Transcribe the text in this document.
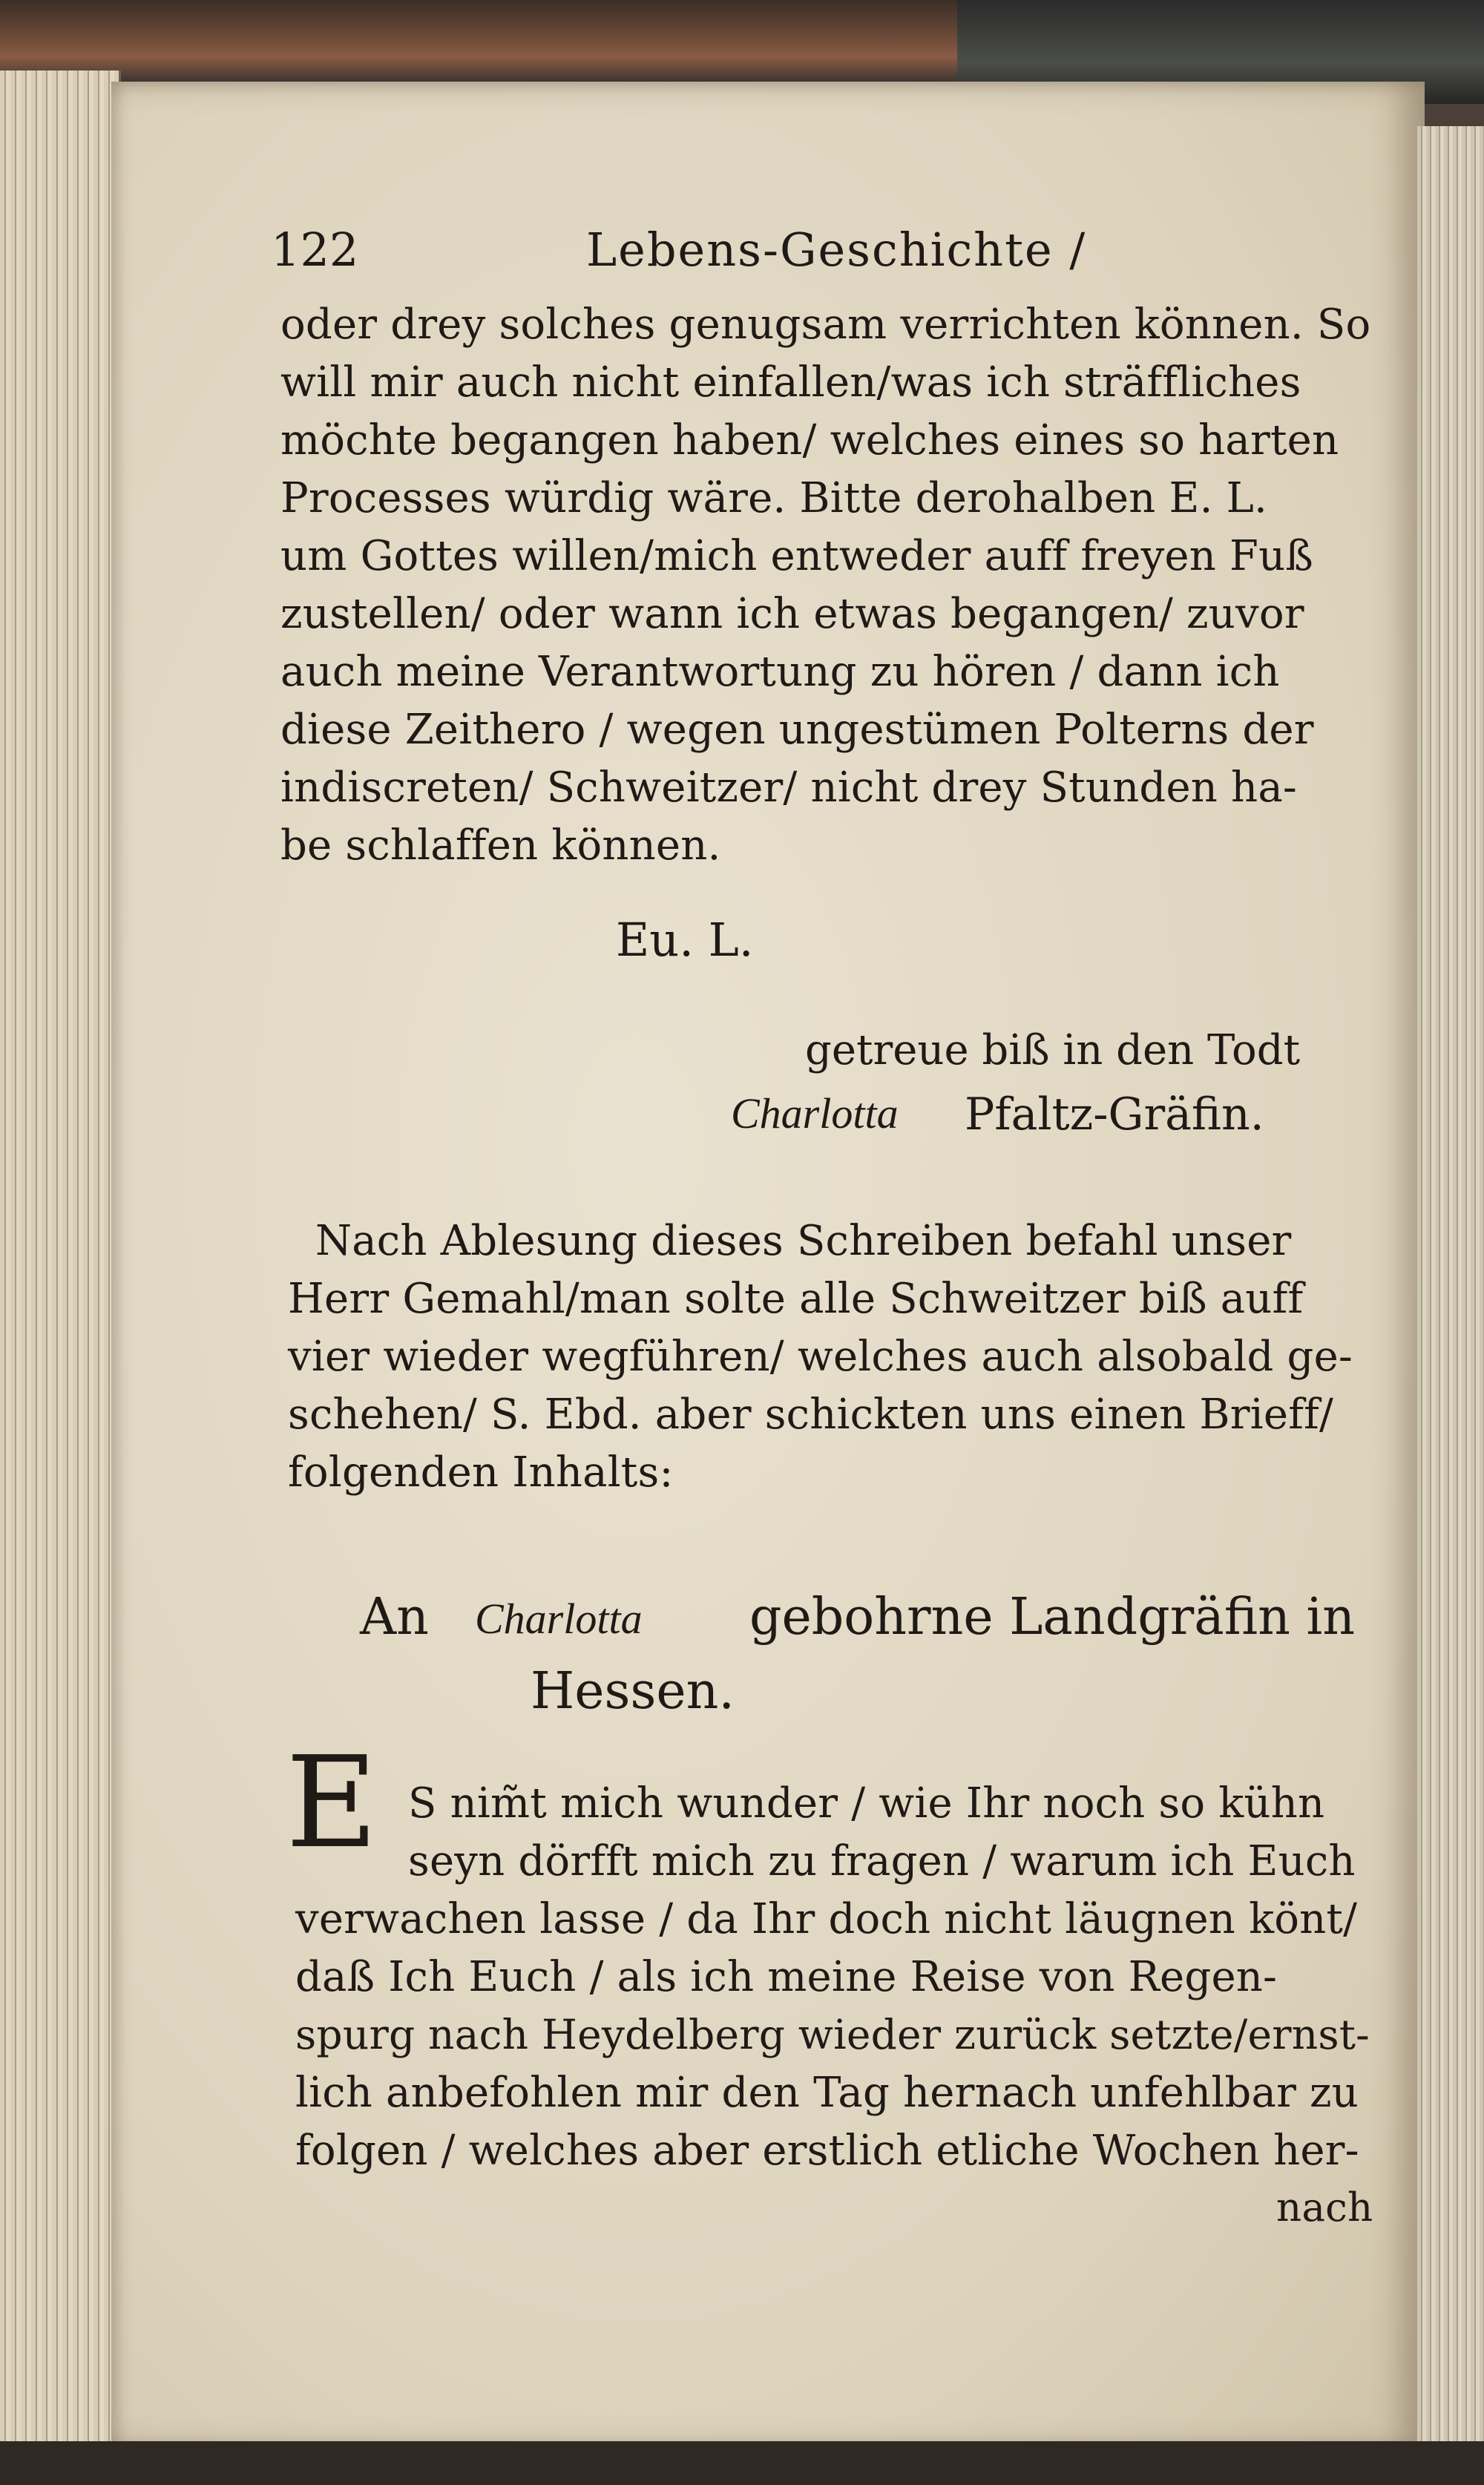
122	Lebens-Geschichte /
oder drey solches genugsam verrichten können. So
will mir auch nicht einfallen/was ich sträffliches
möchte begangen haben/ welches eines so harten
Processes würdig wäre. Bitte derohalben E. L.
um Gottes willen/mich entweder auff freyen Fuß
zustellen/ oder wann ich etwas begangen/ zuvor
auch meine Verantwortung zu hören / dann ich
diese Zeithero / wegen ungestümen Polterns der
indiscreten/ Schweitzer/ nicht drey Stunden ha-
be schlaffen können.
Eu. L.
getreue biß in den Todt
Charlotta Pfaltz-Gräfin.
Nach Ablesung dieses Schreiben befahl unser
Herr Gemahl/man solte alle Schweitzer biß auff
vier wieder wegführen/ welches auch alsobald ge-
schehen/ S. Ebd. aber schickten uns einen Brieff/
folgenden Inhalts:
An Charlotta gebohrne Landgräfin in
Hessen.
E S nim̃t mich wunder / wie Ihr noch so kühn
seyn dörfft mich zu fragen / warum ich Euch
verwachen lasse / da Ihr doch nicht läugnen könt/
daß Ich Euch / als ich meine Reise von Regen-
spurg nach Heydelberg wieder zurück setzte/ernst-
lich anbefohlen mir den Tag hernach unfehlbar zu
folgen / welches aber erstlich etliche Wochen her-
nach
